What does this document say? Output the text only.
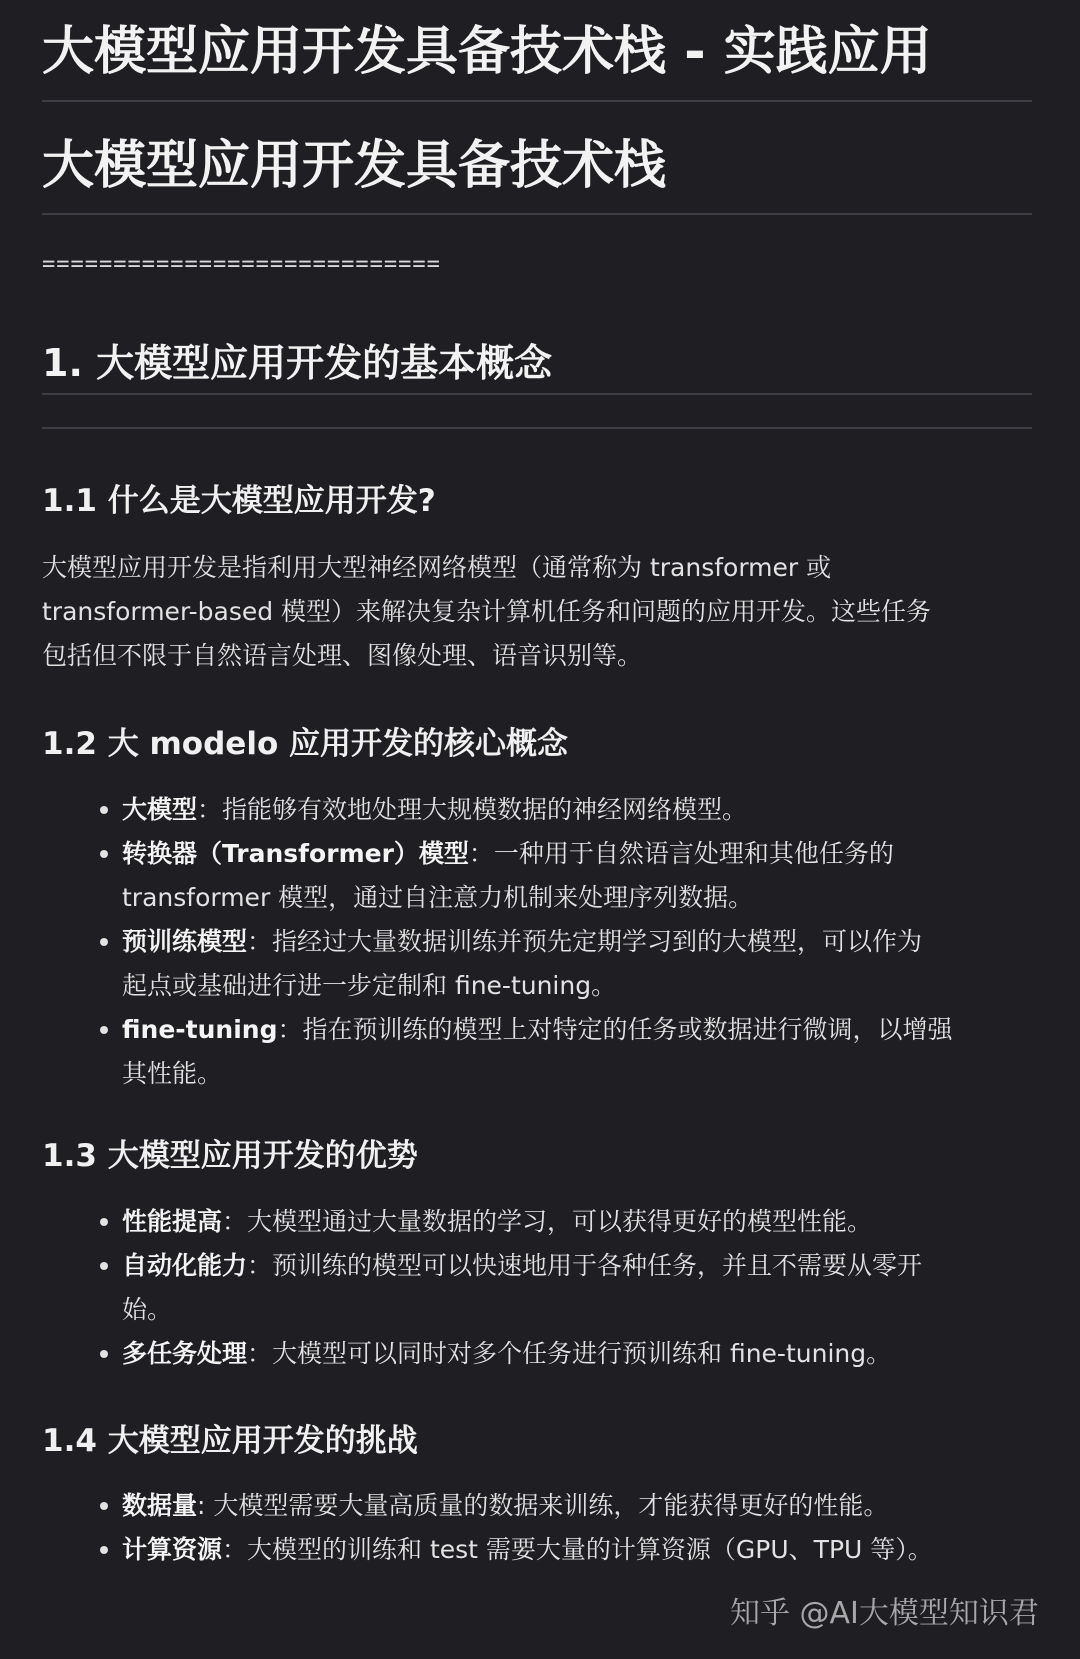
大模型应用开发具备技术栈 - 实践应用
大模型应用开发具备技术栈
============================
1. 大模型应用开发的基本概念
1.1 什么是大模型应用开发?
大模型应用开发是指利用大型神经网络模型（通常称为 transformer 或
transformer-based 模型）来解决复杂计算机任务和问题的应用开发。这些任务
包括但不限于自然语言处理、图像处理、语音识别等。
1.2 大 modelo 应用开发的核心概念
大模型：指能够有效地处理大规模数据的神经网络模型。
转换器（Transformer）模型：一种用于自然语言处理和其他任务的
transformer 模型，通过自注意力机制来处理序列数据。
预训练模型：指经过大量数据训练并预先定期学习到的大模型，可以作为
起点或基础进行进一步定制和 fine-tuning。
fine-tuning：指在预训练的模型上对特定的任务或数据进行微调，以增强
其性能。
1.3 大模型应用开发的优势
性能提高：大模型通过大量数据的学习，可以获得更好的模型性能。
自动化能力：预训练的模型可以快速地用于各种任务，并且不需要从零开
始。
多任务处理：大模型可以同时对多个任务进行预训练和 fine-tuning。
1.4 大模型应用开发的挑战
数据量: 大模型需要大量高质量的数据来训练，才能获得更好的性能。
计算资源：大模型的训练和 test 需要大量的计算资源（GPU、TPU 等）。
知乎 @AI大模型知识君
